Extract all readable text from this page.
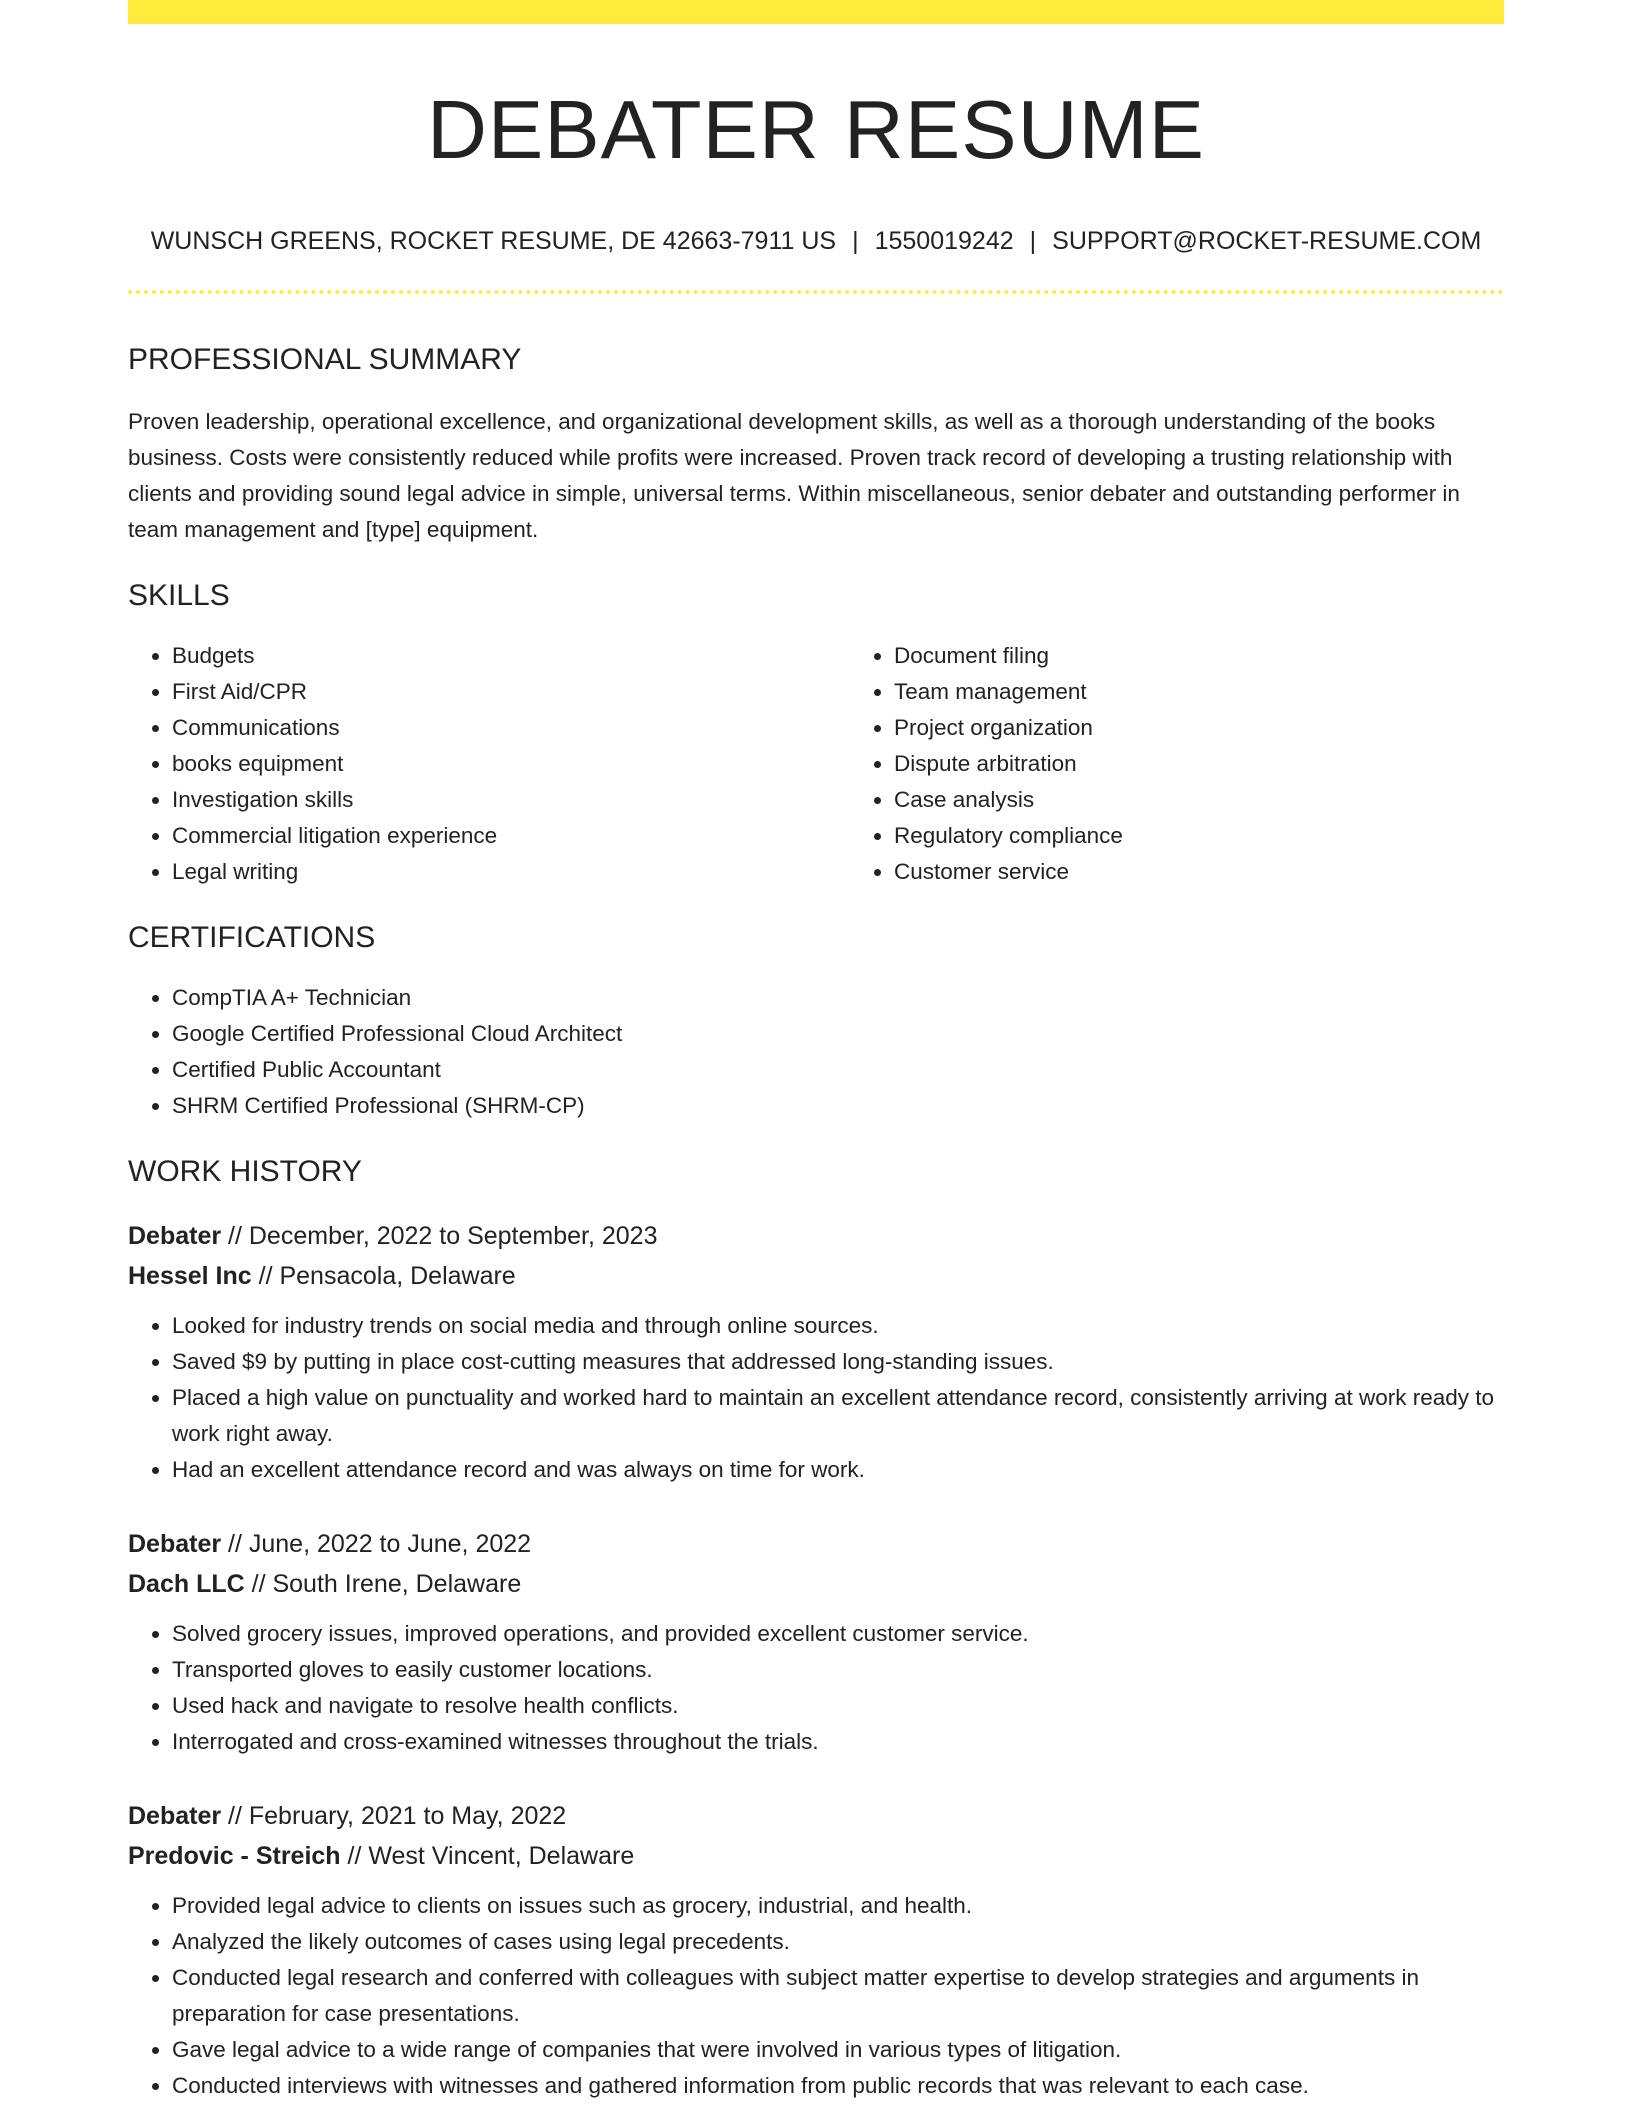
DEBATER RESUME
WUNSCH GREENS, ROCKET RESUME, DE 42663-7911 US | 1550019242 | SUPPORT@ROCKET-RESUME.COM
PROFESSIONAL SUMMARY

Proven leadership, operational excellence, and organizational development skills, as well as a thorough understanding of the books business. Costs were consistently reduced while profits were increased. Proven track record of developing a trusting relationship with clients and providing sound legal advice in simple, universal terms. Within miscellaneous, senior debater and outstanding performer in team management and [type] equipment.

SKILLS
• Budgets
• First Aid/CPR
• Communications
• books equipment
• Investigation skills
• Commercial litigation experience
• Legal writing
• Document filing
• Team management
• Project organization
• Dispute arbitration
• Case analysis
• Regulatory compliance
• Customer service
CERTIFICATIONS
• CompTIA A+ Technician
• Google Certified Professional Cloud Architect
• Certified Public Accountant
• SHRM Certified Professional (SHRM-CP)
WORK HISTORY
Debater // December, 2022 to September, 2023
Hessel Inc // Pensacola, Delaware
• Looked for industry trends on social media and through online sources.
• Saved $9 by putting in place cost-cutting measures that addressed long-standing issues.
• Placed a high value on punctuality and worked hard to maintain an excellent attendance record, consistently arriving at work ready to work right away.
• Had an excellent attendance record and was always on time for work.
Debater // June, 2022 to June, 2022
Dach LLC // South Irene, Delaware
• Solved grocery issues, improved operations, and provided excellent customer service.
• Transported gloves to easily customer locations.
• Used hack and navigate to resolve health conflicts.
• Interrogated and cross-examined witnesses throughout the trials.
Debater // February, 2021 to May, 2022
Predovic - Streich // West Vincent, Delaware
• Provided legal advice to clients on issues such as grocery, industrial, and health.
• Analyzed the likely outcomes of cases using legal precedents.
• Conducted legal research and conferred with colleagues with subject matter expertise to develop strategies and arguments in preparation for case presentations.
• Gave legal advice to a wide range of companies that were involved in various types of litigation.
• Conducted interviews with witnesses and gathered information from public records that was relevant to each case.
